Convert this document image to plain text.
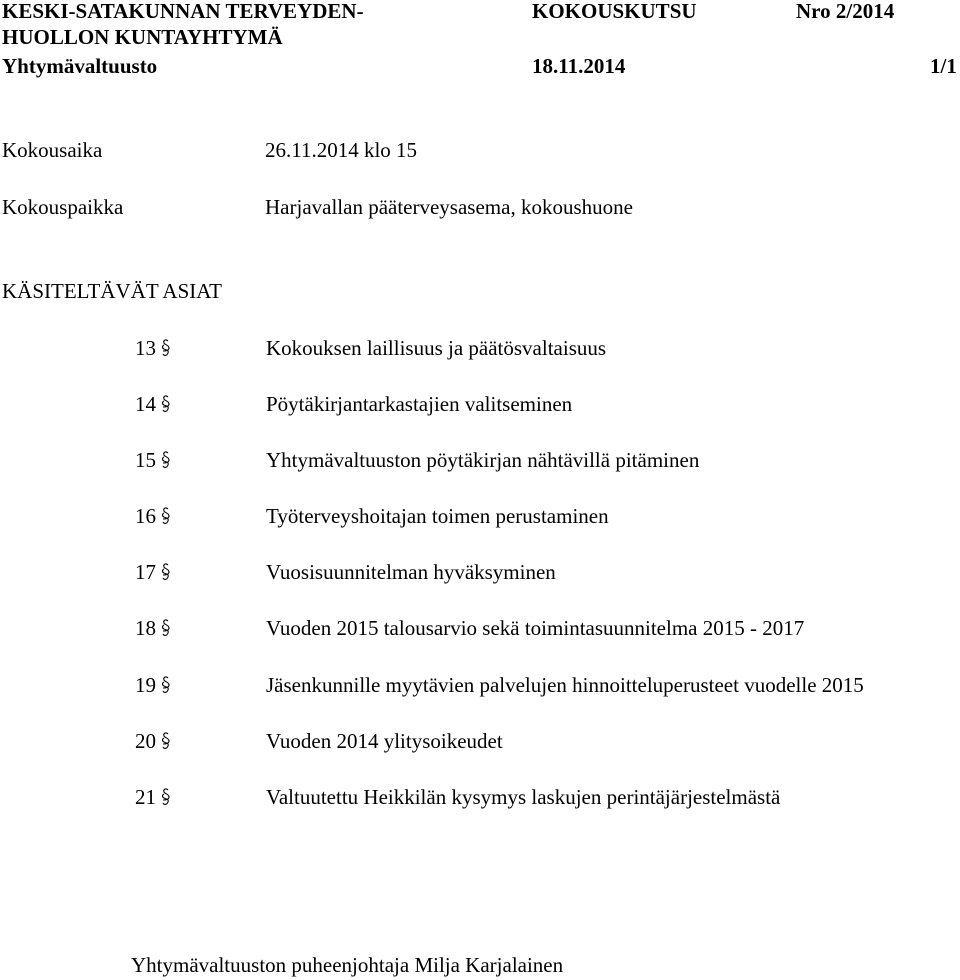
KESKI-SATAKUNNAN TERVEYDEN-
HUOLLON KUNTAYHTYMÄ
Yhtymävaltuusto
KOKOUSKUTSU	Nro 2/2014
18.11.2014	1/1
Kokousaika	26.11.2014 klo 15
Kokouspaikka	Harjavallan pääterveysasema, kokoushuone
KÄSITELTÄVÄT ASIAT
13	Kokouksen laillisuus ja päätösvaltaisuus
14	Pöytäkirjantarkastajien valitseminen
15	Yhtymävaltuuston pöytäkirjan nähtävillä pitäminen
16	Työterveyshoitajan toimen perustaminen
17	Vuosisuunnitelman hyväksyminen
18	Vuoden 2015 talousarvio sekä toimintasuunnitelma 2015 - 2017
19	Jäsenkunnille myytävien palvelujen hinnoitteluperusteet vuodelle 2015
20	Vuoden 2014 ylitysoikeudet
21	Valtuutettu Heikkilän kysymys laskujen perintäjärjestelmästä
Yhtymävaltuuston puheenjohtaja Milja Karjalainen
